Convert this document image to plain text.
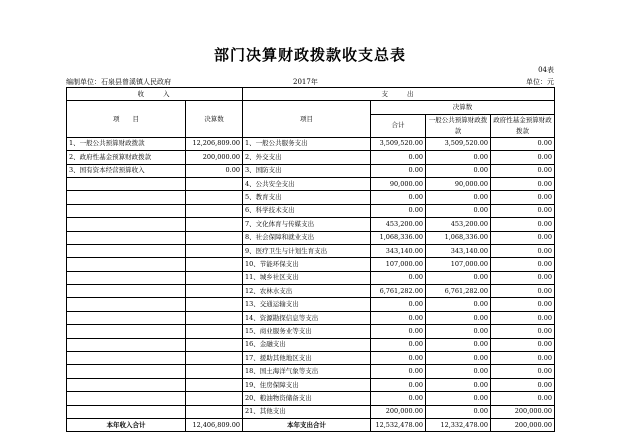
部门决算财政拨款收支总表
04表
编制单位：石泉县曾溪镇人民政府	2017年	单位：元
收　　入		支　　出			
项　　目	决算数	项目	决算数		
			合计	一般公共预算财政拨款	政府性基金预算财政拨款

1、一般公共预算财政拨款	12,206,809.00	1、一般公共服务支出	3,509,520.00	3,509,520.00	0.00
2、政府性基金预算财政拨款	200,000.00	2、外交支出	0.00	0.00	0.00
3、国有资本经营预算收入	0.00	3、国防支出	0.00	0.00	0.00
		4、公共安全支出	90,000.00	90,000.00	0.00
		5、教育支出	0.00	0.00	0.00
		6、科学技术支出	0.00	0.00	0.00
		7、文化体育与传媒支出	453,200.00	453,200.00	0.00
		8、社会保障和就业支出	1,068,336.00	1,068,336.00	0.00
		9、医疗卫生与计划生育支出	343,140.00	343,140.00	0.00
		10、节能环保支出	107,000.00	107,000.00	0.00
		11、城乡社区支出	0.00	0.00	0.00
		12、农林水支出	6,761,282.00	6,761,282.00	0.00
		13、交通运输支出	0.00	0.00	0.00
		14、资源勘探信息等支出	0.00	0.00	0.00
		15、商业服务业等支出	0.00	0.00	0.00
		16、金融支出	0.00	0.00	0.00
		17、援助其他地区支出	0.00	0.00	0.00
		18、国土海洋气象等支出	0.00	0.00	0.00
		19、住房保障支出	0.00	0.00	0.00
		20、粮油物资储备支出	0.00	0.00	0.00
		21、其他支出	200,000.00	0.00	200,000.00
本年收入合计	12,406,809.00	本年支出合计	12,532,478.00	12,332,478.00	200,000.00
